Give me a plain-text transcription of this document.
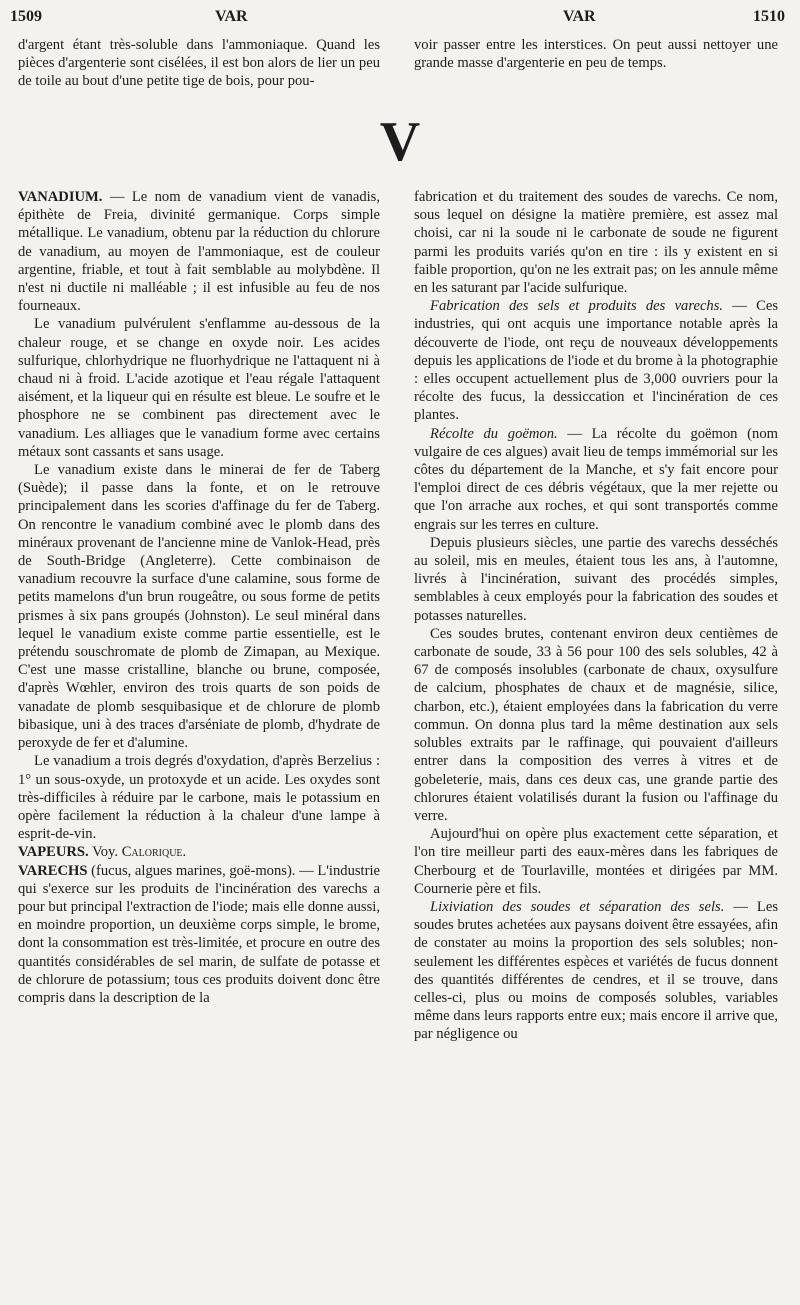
1509	VAR	VAR	1510

d'argent étant très-soluble dans l'ammoniaque. Quand les pièces d'argenterie sont cisélées, il est bon alors de lier un peu de toile au bout d'une petite tige de bois, pour pou-

voir passer entre les interstices. On peut aussi nettoyer une grande masse d'argenterie en peu de temps.

V

VANADIUM. — Le nom de vanadium vient de vanadis, épithète de Freia, divinité germanique. Corps simple métallique. Le vanadium, obtenu par la réduction du chlorure de vanadium, au moyen de l'ammoniaque, est de couleur argentine, friable, et tout à fait semblable au molybdène. Il n'est ni ductile ni malléable ; il est infusible au feu de nos fourneaux.

Le vanadium pulvérulent s'enflamme au-dessous de la chaleur rouge, et se change en oxyde noir. Les acides sulfurique, chlorhydrique ne fluorhydrique ne l'attaquent ni à chaud ni à froid. L'acide azotique et l'eau régale l'attaquent aisément, et la liqueur qui en résulte est bleue. Le soufre et le phosphore ne se combinent pas directement avec le vanadium. Les alliages que le vanadium forme avec certains métaux sont cassants et sans usage.

Le vanadium existe dans le minerai de fer de Taberg (Suède); il passe dans la fonte, et on le retrouve principalement dans les scories d'affinage du fer de Taberg. On rencontre le vanadium combiné avec le plomb dans des minéraux provenant de l'ancienne mine de Vanlok-Head, près de South-Bridge (Angleterre). Cette combinaison de vanadium recouvre la surface d'une calamine, sous forme de petits mamelons d'un brun rougeâtre, ou sous forme de petits prismes à six pans groupés (Johnston). Le seul minéral dans lequel le vanadium existe comme partie essentielle, est le prétendu souschromate de plomb de Zimapan, au Mexique. C'est une masse cristalline, blanche ou brune, composée, d'après Wœhler, environ des trois quarts de son poids de vanadate de plomb sesquibasique et de chlorure de plomb bibasique, uni à des traces d'arséniate de plomb, d'hydrate de peroxyde de fer et d'alumine.

Le vanadium a trois degrés d'oxydation, d'après Berzelius : 1° un sous-oxyde, un protoxyde et un acide. Les oxydes sont très-difficiles à réduire par le carbone, mais le potassium en opère facilement la réduction à la chaleur d'une lampe à esprit-de-vin.

VAPEURS. Voy. Calorique.

VARECHS (fucus, algues marines, goë-mons). — L'industrie qui s'exerce sur les produits de l'incinération des varechs a pour but principal l'extraction de l'iode; mais elle donne aussi, en moindre proportion, un deuxième corps simple, le brome, dont la consommation est très-limitée, et procure en outre des quantités considérables de sel marin, de sulfate de potasse et de chlorure de potassium; tous ces produits doivent donc être compris dans la description de la

fabrication et du traitement des soudes de varechs. Ce nom, sous lequel on désigne la matière première, est assez mal choisi, car ni la soude ni le carbonate de soude ne figurent parmi les produits variés qu'on en tire : ils y existent en si faible proportion, qu'on ne les extrait pas; on les annule même en les saturant par l'acide sulfurique.

Fabrication des sels et produits des varechs. — Ces industries, qui ont acquis une importance notable après la découverte de l'iode, ont reçu de nouveaux développements depuis les applications de l'iode et du brome à la photographie : elles occupent actuellement plus de 3,000 ouvriers pour la récolte des fucus, la dessiccation et l'incinération de ces plantes.

Récolte du goëmon. — La récolte du goëmon (nom vulgaire de ces algues) avait lieu de temps immémorial sur les côtes du département de la Manche, et s'y fait encore pour l'emploi direct de ces débris végétaux, que la mer rejette ou que l'on arrache aux roches, et qui sont transportés comme engrais sur les terres en culture.

Depuis plusieurs siècles, une partie des varechs desséchés au soleil, mis en meules, étaient tous les ans, à l'automne, livrés à l'incinération, suivant des procédés simples, semblables à ceux employés pour la fabrication des soudes et potasses naturelles.

Ces soudes brutes, contenant environ deux centièmes de carbonate de soude, 33 à 56 pour 100 des sels solubles, 42 à 67 de composés insolubles (carbonate de chaux, oxysulfure de calcium, phosphates de chaux et de magnésie, silice, charbon, etc.), étaient employées dans la fabrication du verre commun. On donna plus tard la même destination aux sels solubles extraits par le raffinage, qui pouvaient d'ailleurs entrer dans la composition des verres à vitres et de gobeleterie, mais, dans ces deux cas, une grande partie des chlorures étaient volatilisés durant la fusion ou l'affinage du verre.

Aujourd'hui on opère plus exactement cette séparation, et l'on tire meilleur parti des eaux-mères dans les fabriques de Cherbourg et de Tourlaville, montées et dirigées par MM. Cournerie père et fils.

Lixiviation des soudes et séparation des sels. — Les soudes brutes achetées aux paysans doivent être essayées, afin de constater au moins la proportion des sels solubles; non-seulement les différentes espèces et variétés de fucus donnent des quantités différentes de cendres, et il se trouve, dans celles-ci, plus ou moins de composés solubles, variables même dans leurs rapports entre eux; mais encore il arrive que, par négligence ou
